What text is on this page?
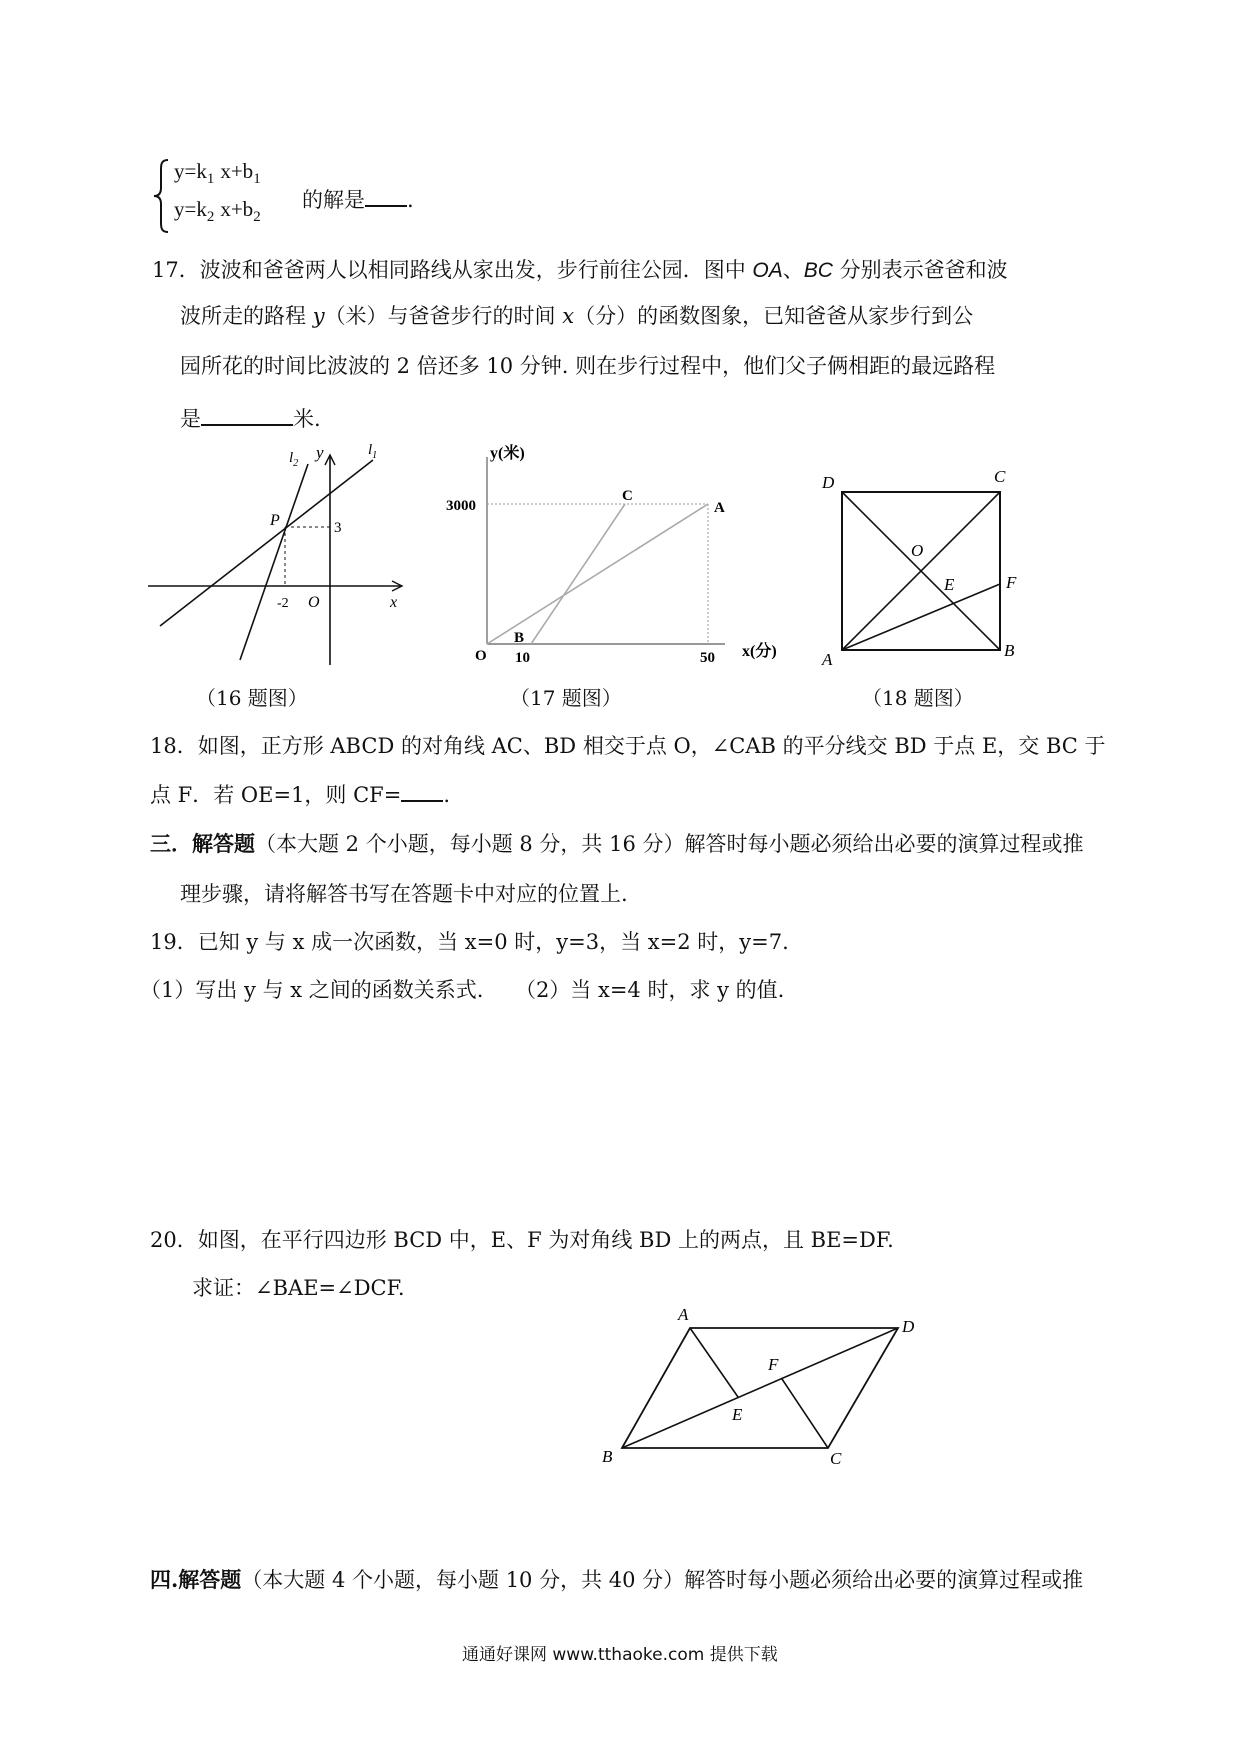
$y=k_1$ $x+b_1$
$y=k_2$ $x+b_2$
的解是 .
17．波波和爸爸两人以相同路线从家出发，步行前往公园．图中 OA、BC 分别表示爸爸和波
波所走的路程 y（米）与爸爸步行的时间 x（分）的函数图象，已知爸爸从家步行到公
园所花的时间比波波的 2 倍还多 10 分钟. 则在步行过程中，他们父子俩相距的最远路程
是	米.
$l_2$
y	$l_1$
P	3
-2 O	x
（16 题图）
y(米)
3000
C
A
B
O 10	50 x(分)
（17 题图）
D	C
O
E	F
A	B
（18 题图）
18．如图，正方形 ABCD 的对角线 AC、BD 相交于点 O，∠CAB 的平分线交 BD 于点 E，交 BC 于
点 F．若 OE=1，则 CF= .
三．解答题（本大题 2 个小题，每小题 8 分，共 16 分）解答时每小题必须给出必要的演算过程或推
理步骤，请将解答书写在答题卡中对应的位置上.
19．已知 y 与 x 成一次函数，当 x=0 时，y=3，当 x=2 时，y=7.
（1）写出 y 与 x 之间的函数关系式.　　（2）当 x=4 时，求 y 的值.
20．如图，在平行四边形 BCD 中，E、F 为对角线 BD 上的两点，且 BE=DF.
求证：∠BAE=∠DCF.
A
D
F
E
B	C
四.解答题（本大题 4 个小题，每小题 10 分，共 40 分）解答时每小题必须给出必要的演算过程或推
通通好课网 www.tthaoke.com 提供下载
